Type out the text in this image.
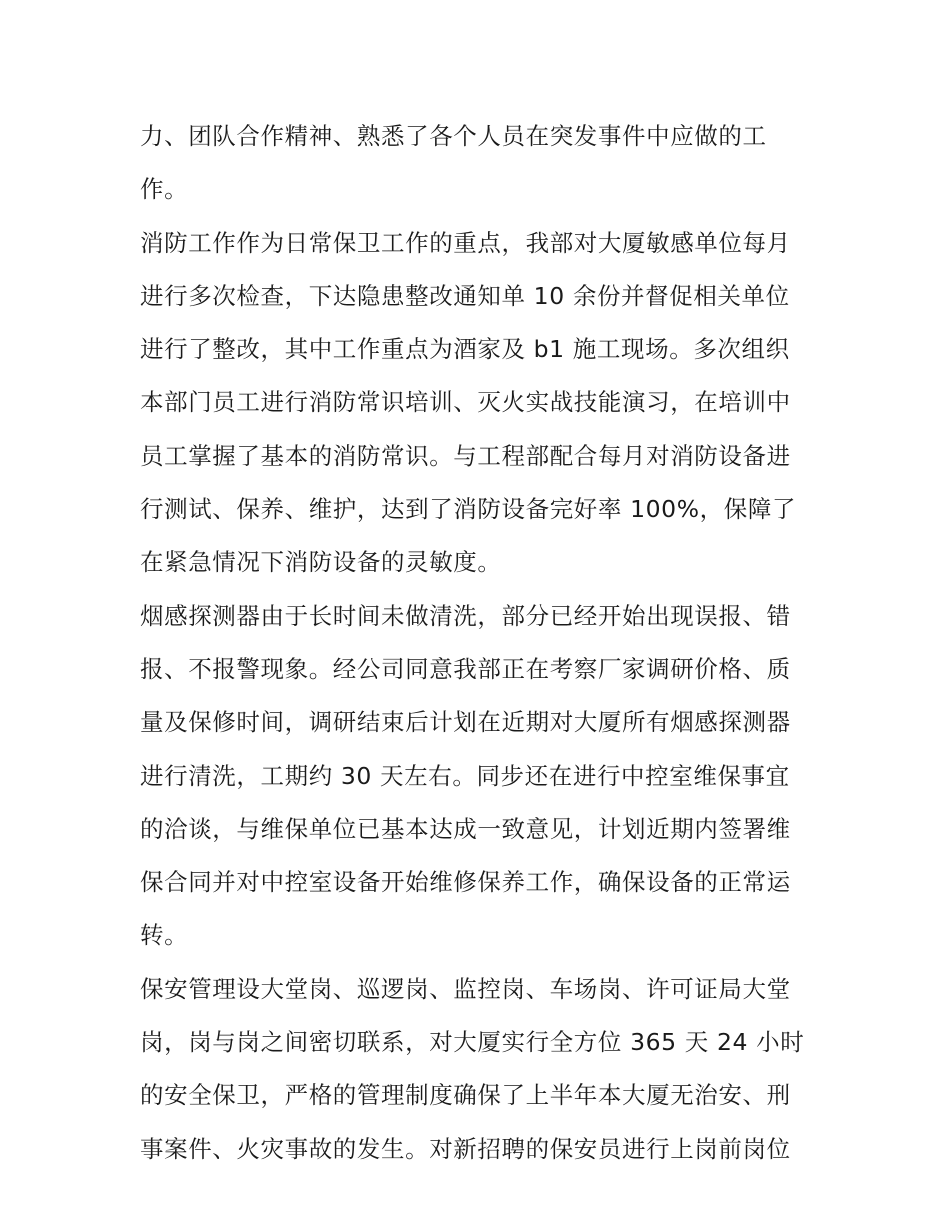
力、团队合作精神、熟悉了各个人员在突发事件中应做的工
作。
消防工作作为日常保卫工作的重点，我部对大厦敏感单位每月
进行多次检查，下达隐患整改通知单 10 余份并督促相关单位
进行了整改，其中工作重点为酒家及 b1 施工现场。多次组织
本部门员工进行消防常识培训、灭火实战技能演习，在培训中
员工掌握了基本的消防常识。与工程部配合每月对消防设备进
行测试、保养、维护，达到了消防设备完好率 100%，保障了
在紧急情况下消防设备的灵敏度。
烟感探测器由于长时间未做清洗，部分已经开始出现误报、错
报、不报警现象。经公司同意我部正在考察厂家调研价格、质
量及保修时间，调研结束后计划在近期对大厦所有烟感探测器
进行清洗，工期约 30 天左右。同步还在进行中控室维保事宜
的洽谈，与维保单位已基本达成一致意见，计划近期内签署维
保合同并对中控室设备开始维修保养工作，确保设备的正常运
转。
保安管理设大堂岗、巡逻岗、监控岗、车场岗、许可证局大堂
岗，岗与岗之间密切联系，对大厦实行全方位 365 天 24 小时
的安全保卫，严格的管理制度确保了上半年本大厦无治安、刑
事案件、火灾事故的发生。对新招聘的保安员进行上岗前岗位
